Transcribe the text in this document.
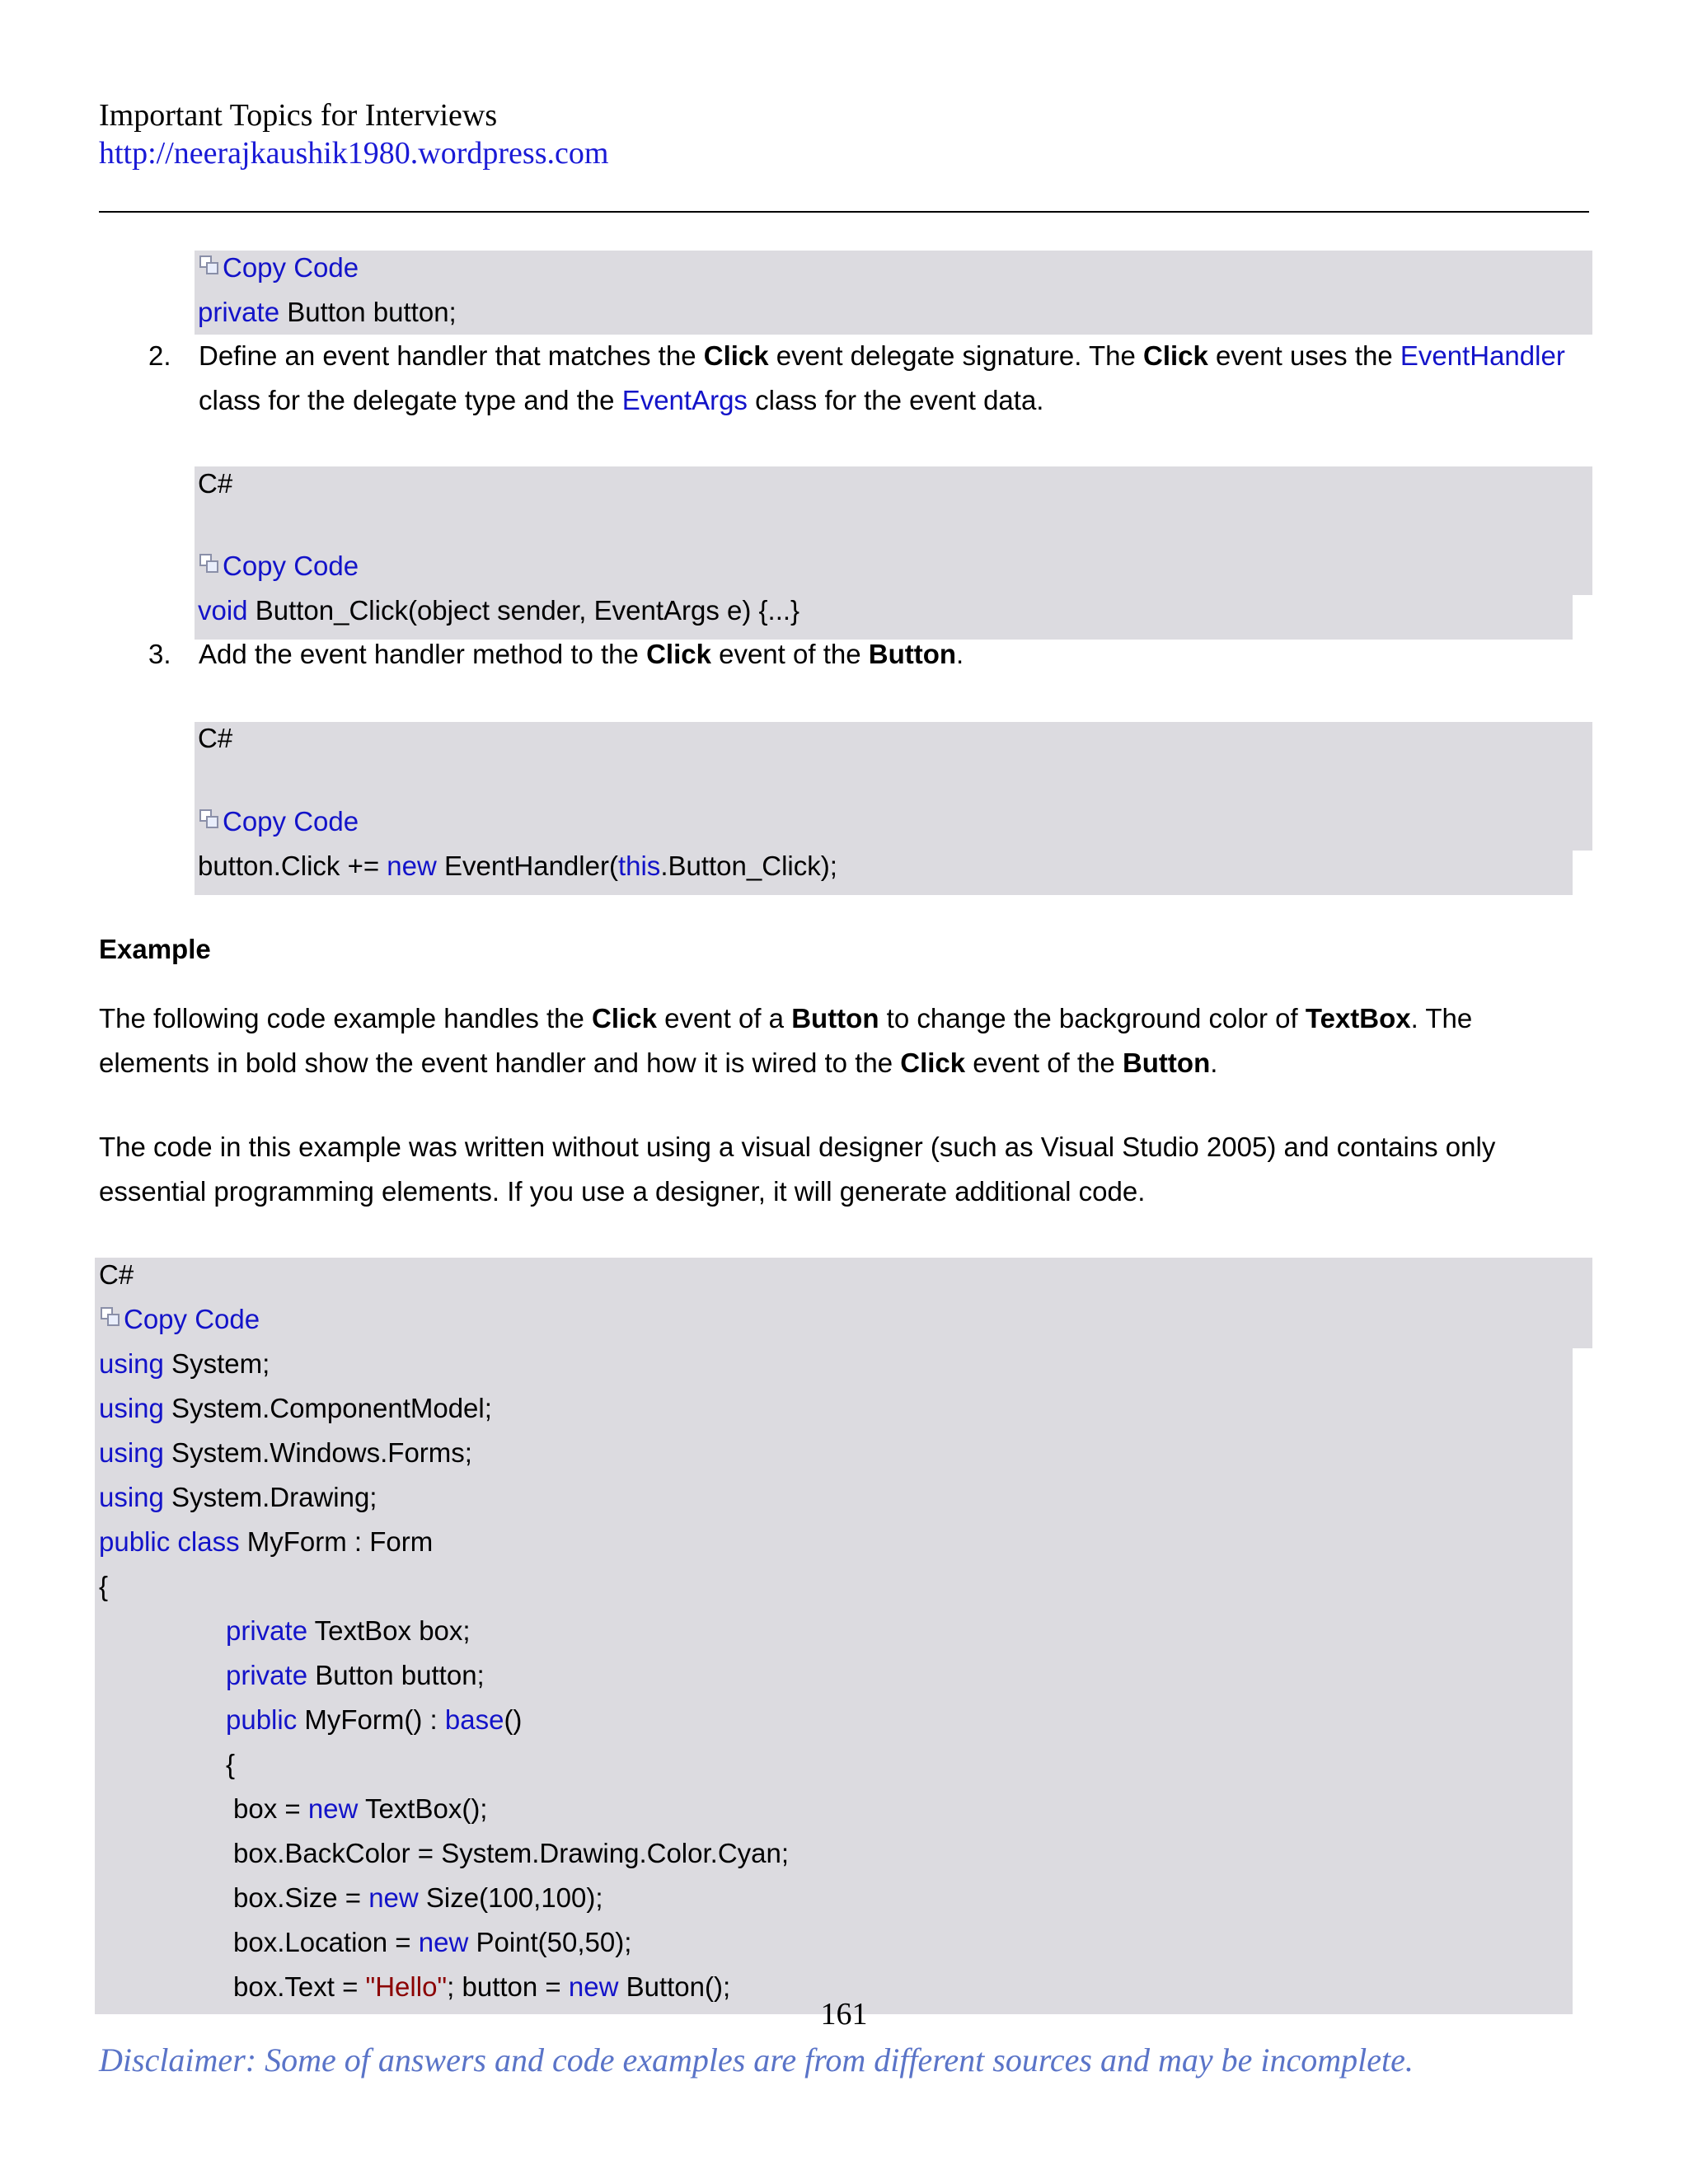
Important Topics for Interviews
http://neerajkaushik1980.wordpress.com
Copy Code
private Button button;
2. Define an event handler that matches the Click event delegate signature. The Click event uses the EventHandler
class for the delegate type and the EventArgs class for the event data.
C#
Copy Code
void Button_Click(object sender, EventArgs e) {...}
3. Add the event handler method to the Click event of the Button.
C#
Copy Code
button.Click += new EventHandler(this.Button_Click);
Example
The following code example handles the Click event of a Button to change the background color of TextBox. The
elements in bold show the event handler and how it is wired to the Click event of the Button.
The code in this example was written without using a visual designer (such as Visual Studio 2005) and contains only
essential programming elements. If you use a designer, it will generate additional code.
C#
Copy Code
using System;
using System.ComponentModel;
using System.Windows.Forms;
using System.Drawing;
public class MyForm : Form
{
private TextBox box;
private Button button;
public MyForm() : base()
{
box = new TextBox();
box.BackColor = System.Drawing.Color.Cyan;
box.Size = new Size(100,100);
box.Location = new Point(50,50);
box.Text = "Hello"; button = new Button();
161
Disclaimer: Some of answers and code examples are from different sources and may be incomplete.
